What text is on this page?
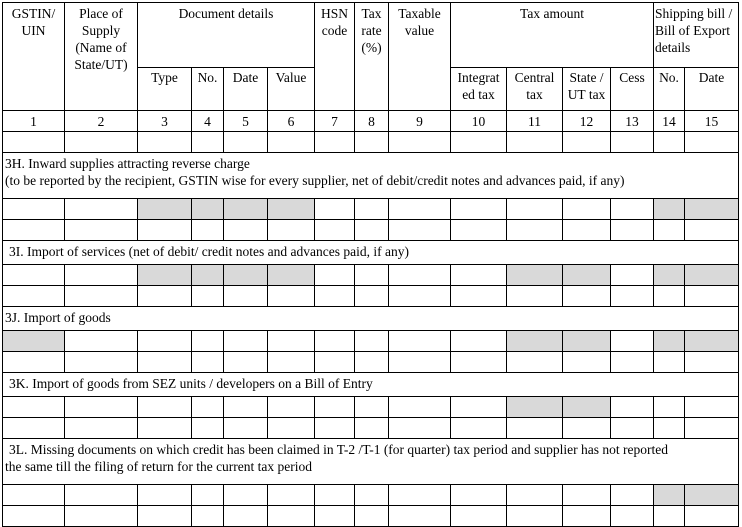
GSTIN/ UIN	Place of Supply (Name of State/UT)	Document details				HSN code	Tax rate (%)	Taxable value	Tax amount				Shipping bill / Bill of Export details	
		Type	No.	Date	Value				Integrat ed tax	Central tax	State / UT tax	Cess	No.	Date
1	2	3	4	5	6	7	8	9	10	11	12	13	14	15

3H. Inward supplies attracting reverse charge
(to be reported by the recipient, GSTIN wise for every supplier, net of debit/credit notes and advances paid, if any)														

3I. Import of services (net of debit/ credit notes and advances paid, if any)														

3J. Import of goods														

3K. Import of goods from SEZ units / developers on a Bill of Entry														

3L. Missing documents on which credit has been claimed in T-2 /T-1 (for quarter) tax period and supplier has not reported
the same till the filing of return for the current tax period														
